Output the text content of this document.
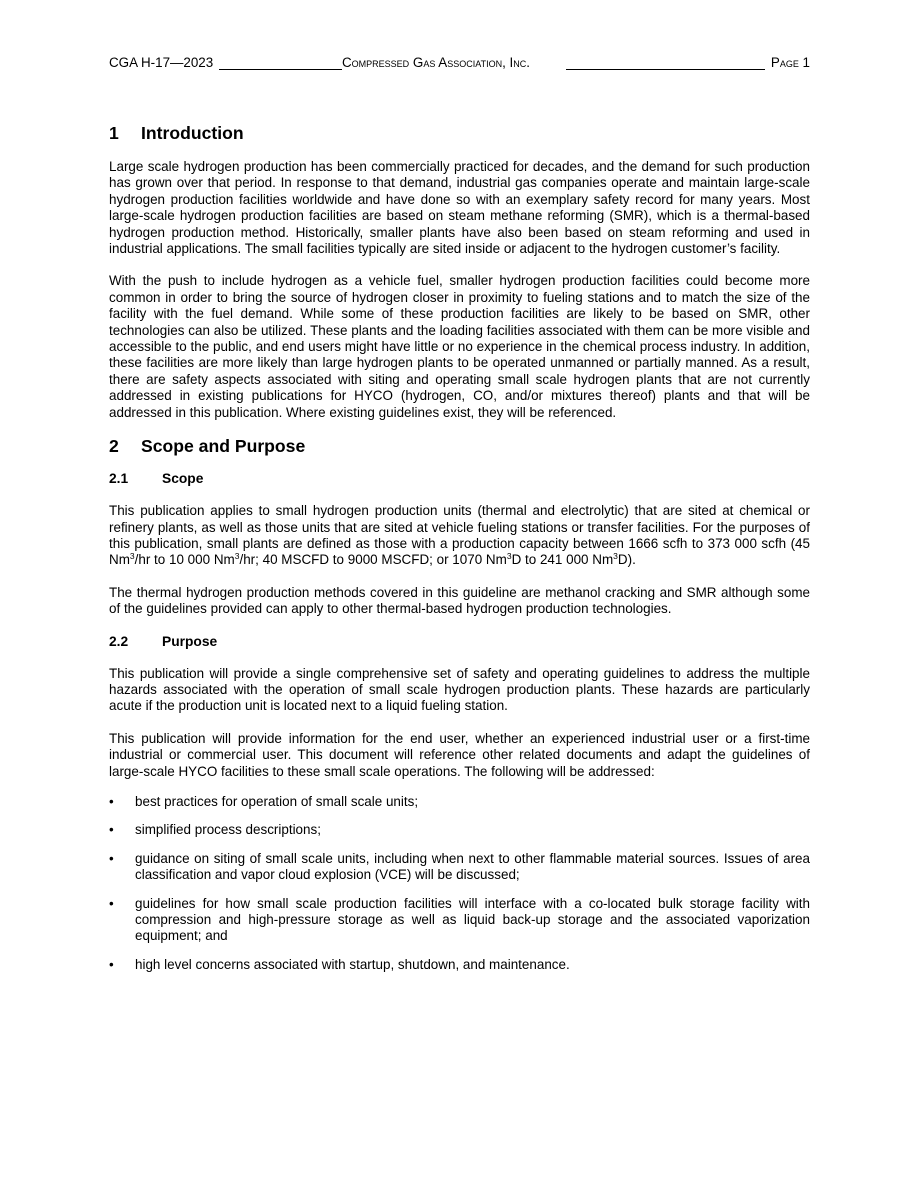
CGA H-17—2023	Compressed Gas Association, Inc.	Page 1
1	Introduction

Large scale hydrogen production has been commercially practiced for decades, and the demand for such production has grown over that period. In response to that demand, industrial gas companies operate and maintain large-scale hydrogen production facilities worldwide and have done so with an exemplary safety record for many years. Most large-scale hydrogen production facilities are based on steam methane reforming (SMR), which is a thermal-based hydrogen production method. Historically, smaller plants have also been based on steam reforming and used in industrial applications. The small facilities typically are sited inside or adjacent to the hydrogen customer’s facility.

With the push to include hydrogen as a vehicle fuel, smaller hydrogen production facilities could become more common in order to bring the source of hydrogen closer in proximity to fueling stations and to match the size of the facility with the fuel demand. While some of these production facilities are likely to be based on SMR, other technologies can also be utilized. These plants and the loading facilities associated with them can be more visible and accessible to the public, and end users might have little or no experience in the chemical process industry. In addition, these facilities are more likely than large hydrogen plants to be operated unmanned or partially manned. As a result, there are safety aspects associated with siting and operating small scale hydrogen plants that are not currently addressed in existing publications for HYCO (hydrogen, CO, and/or mixtures thereof) plants and that will be addressed in this publication. Where existing guidelines exist, they will be referenced.

2	Scope and Purpose
2.1	Scope

This publication applies to small hydrogen production units (thermal and electrolytic) that are sited at chemical or refinery plants, as well as those units that are sited at vehicle fueling stations or transfer facilities. For the purposes of this publication, small plants are defined as those with a production capacity between 1666 scfh to 373 000 scfh (45 Nm$^3$/hr to 10 000 Nm$^3$/hr; 40 MSCFD to 9000 MSCFD; or 1070 Nm$^3$D to 241 000 Nm$^3$D).

The thermal hydrogen production methods covered in this guideline are methanol cracking and SMR although some of the guidelines provided can apply to other thermal-based hydrogen production technologies.

2.2	Purpose

This publication will provide a single comprehensive set of safety and operating guidelines to address the multiple hazards associated with the operation of small scale hydrogen production plants. These hazards are particularly acute if the production unit is located next to a liquid fueling station.

This publication will provide information for the end user, whether an experienced industrial user or a first-time industrial or commercial user. This document will reference other related documents and adapt the guidelines of large-scale HYCO facilities to these small scale operations. The following will be addressed:

•	best practices for operation of small scale units;
•	simplified process descriptions;
•	guidance on siting of small scale units, including when next to other flammable material sources. Issues of area classification and vapor cloud explosion (VCE) will be discussed;
•	guidelines for how small scale production facilities will interface with a co-located bulk storage facility with compression and high-pressure storage as well as liquid back-up storage and the associated vaporization equipment; and
•	high level concerns associated with startup, shutdown, and maintenance.
